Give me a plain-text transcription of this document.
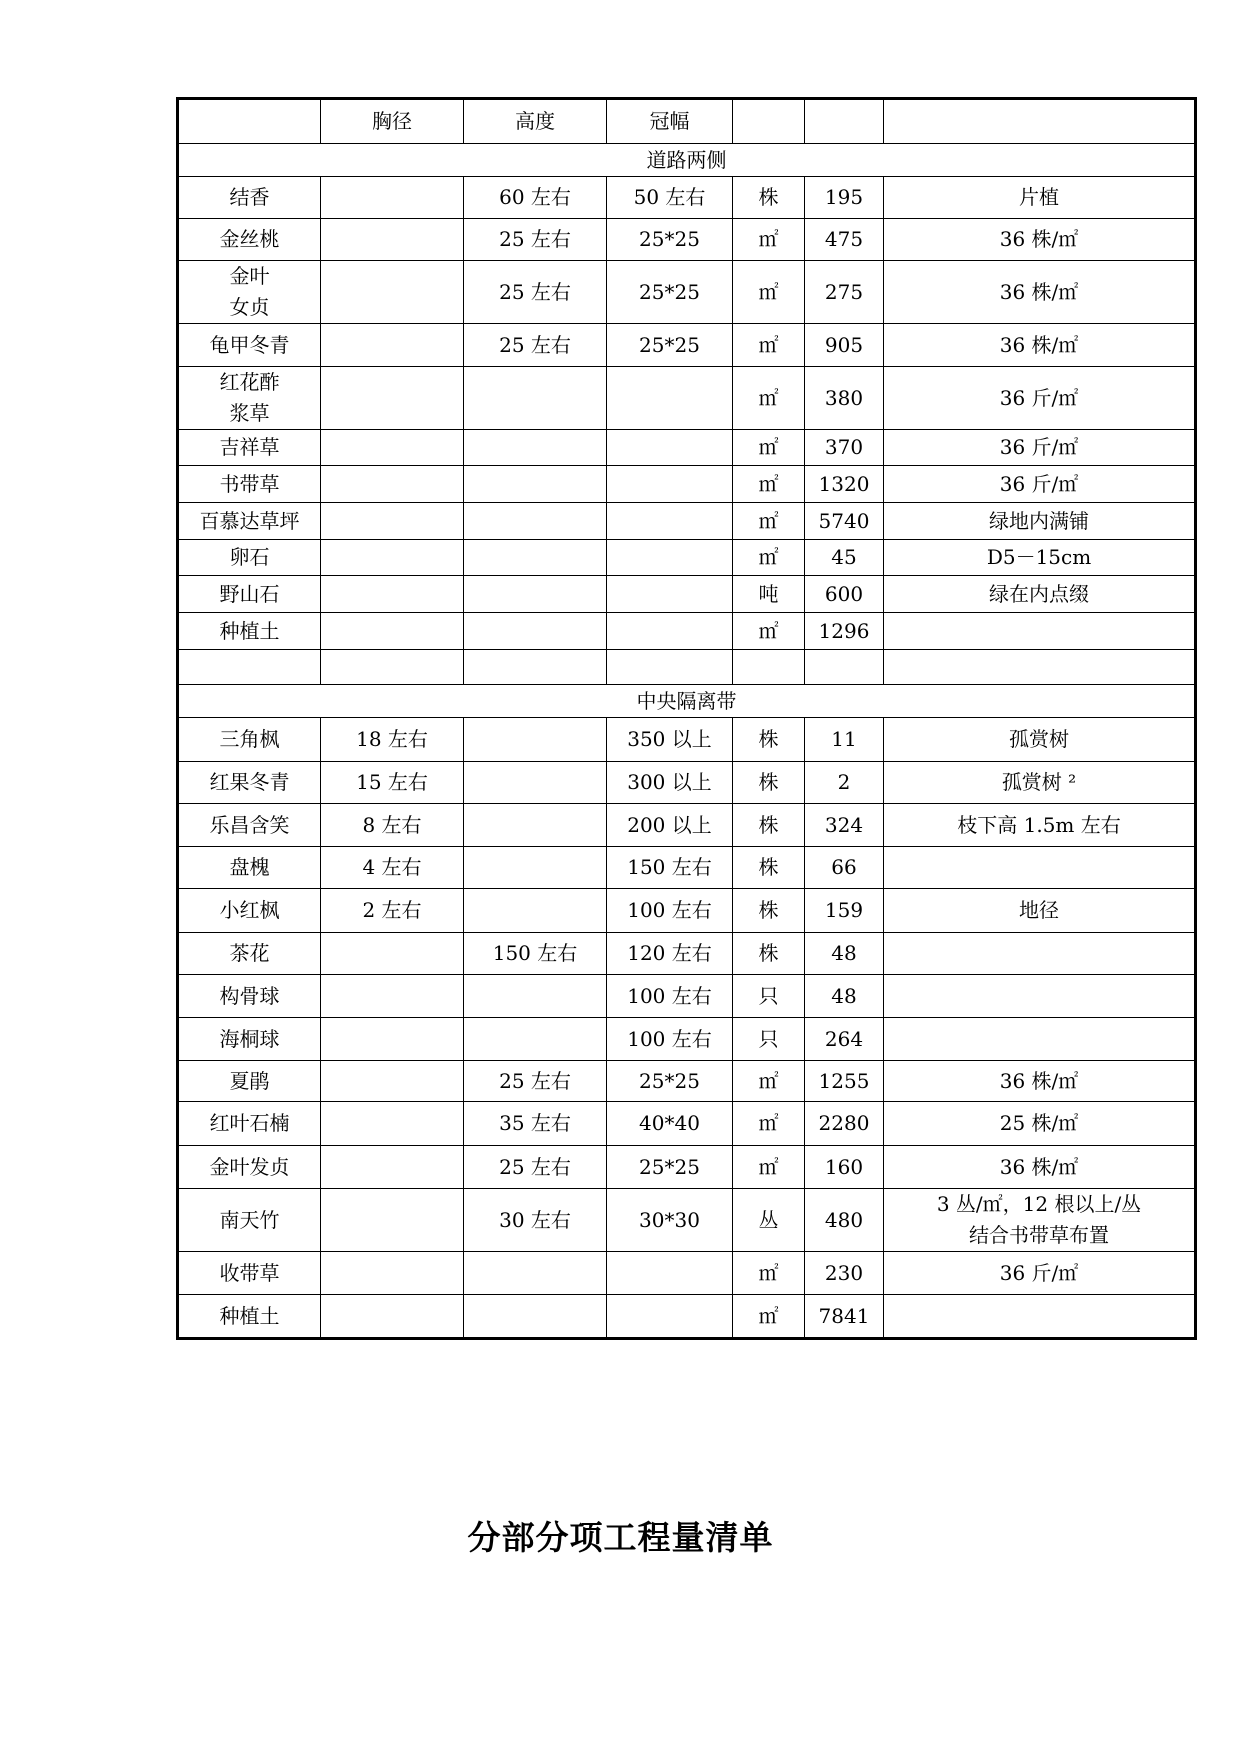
	胸径	高度	冠幅			
道路两侧						
结香		60 左右	50 左右	株	195	片植
金丝桃		25 左右	25*25	㎡	475	36 株/㎡
金叶
女贞		25 左右	25*25	㎡	275	36 株/㎡
龟甲冬青		25 左右	25*25	㎡	905	36 株/㎡
红花酢
浆草				㎡	380	36 斤/㎡
吉祥草				㎡	370	36 斤/㎡
书带草				㎡	1320	36 斤/㎡
百慕达草坪				㎡	5740	绿地内满铺
卵石				㎡	45	D5－15cm
野山石				吨	600	绿在内点缀
种植土				㎡	1296	

中央隔离带						
三角枫	18 左右		350 以上	株	11	孤赏树
红果冬青	15 左右		300 以上	株	2	孤赏树 ²
乐昌含笑	8 左右		200 以上	株	324	枝下高 1.5m 左右
盘槐	4 左右		150 左右	株	66	
小红枫	2 左右		100 左右	株	159	地径
茶花		150 左右	120 左右	株	48	
构骨球			100 左右	只	48	
海桐球			100 左右	只	264	
夏鹃		25 左右	25*25	㎡	1255	36 株/㎡
红叶石楠		35 左右	40*40	㎡	2280	25 株/㎡
金叶发贞		25 左右	25*25	㎡	160	36 株/㎡
南天竹		30 左右	30*30	丛	480	3 丛/㎡，12 根以上/丛
结合书带草布置
收带草				㎡	230	36 斤/㎡
种植土				㎡	7841	
分部分项工程量清单
